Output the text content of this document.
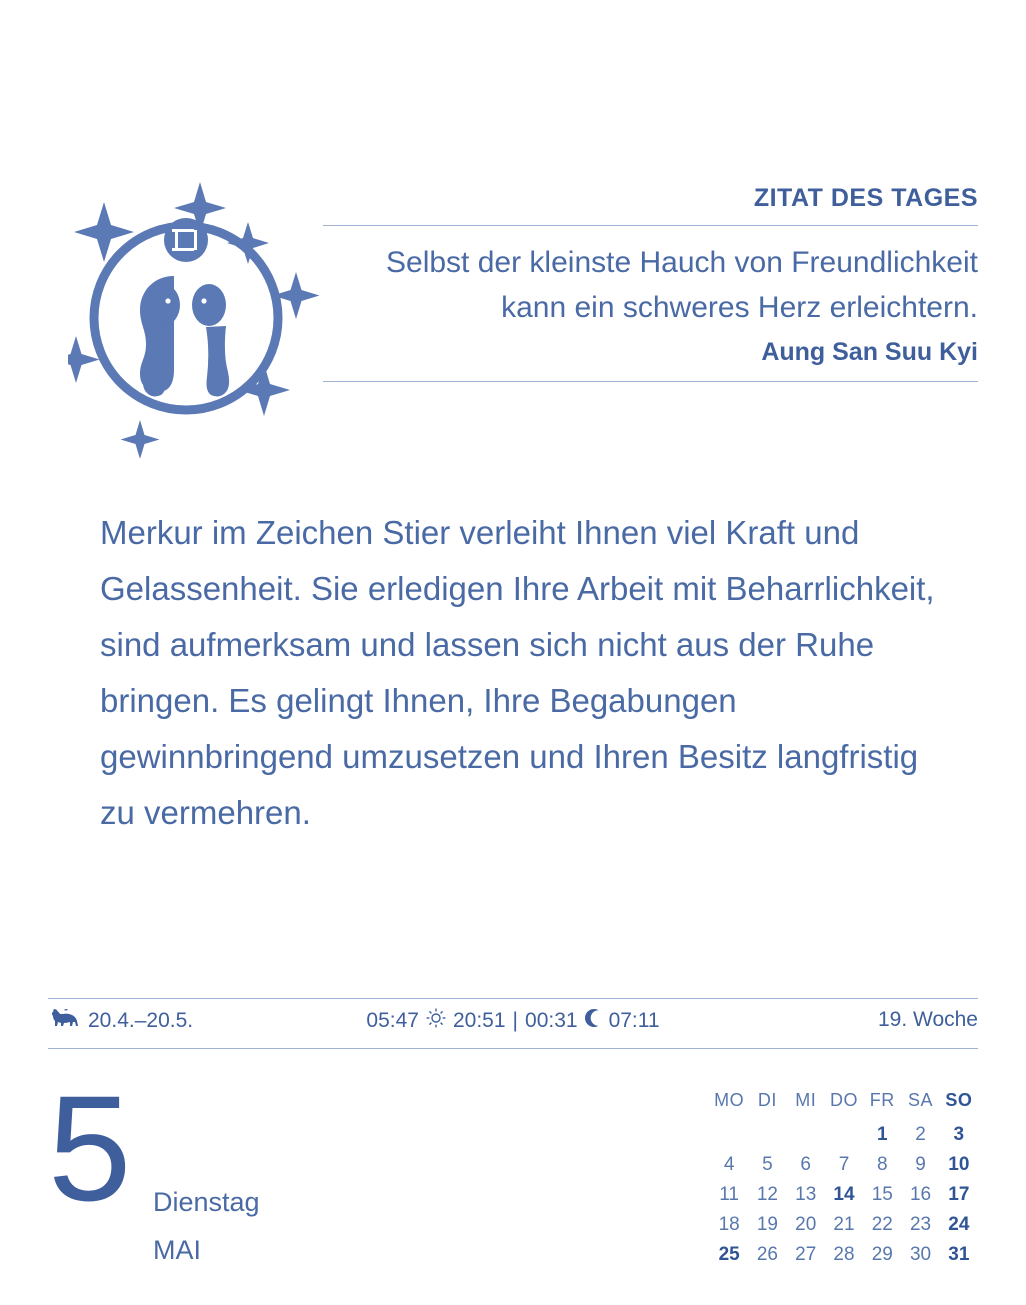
ZITAT DES TAGES
Selbst der kleinste Hauch von Freundlichkeit kann ein schweres Herz erleichtern.
Aung San Suu Kyi
Merkur im Zeichen Stier verleiht Ihnen viel Kraft und Gelassenheit. Sie erledigen Ihre Arbeit mit Beharrlichkeit, sind aufmerksam und lassen sich nicht aus der Ruhe bringen. Es gelingt Ihnen, Ihre Begabungen gewinnbringend umzusetzen und Ihren Besitz langfristig zu vermehren.
20.4.–20.5.	05:47 20:51 | 00:31 07:11	19. Woche
5 Dienstag
MAI
MO	DI	MI	DO	FR	SA	SO
				1	2	3
4	5	6	7	8	9	10
11	12	13	14	15	16	17
18	19	20	21	22	23	24
25	26	27	28	29	30	31
